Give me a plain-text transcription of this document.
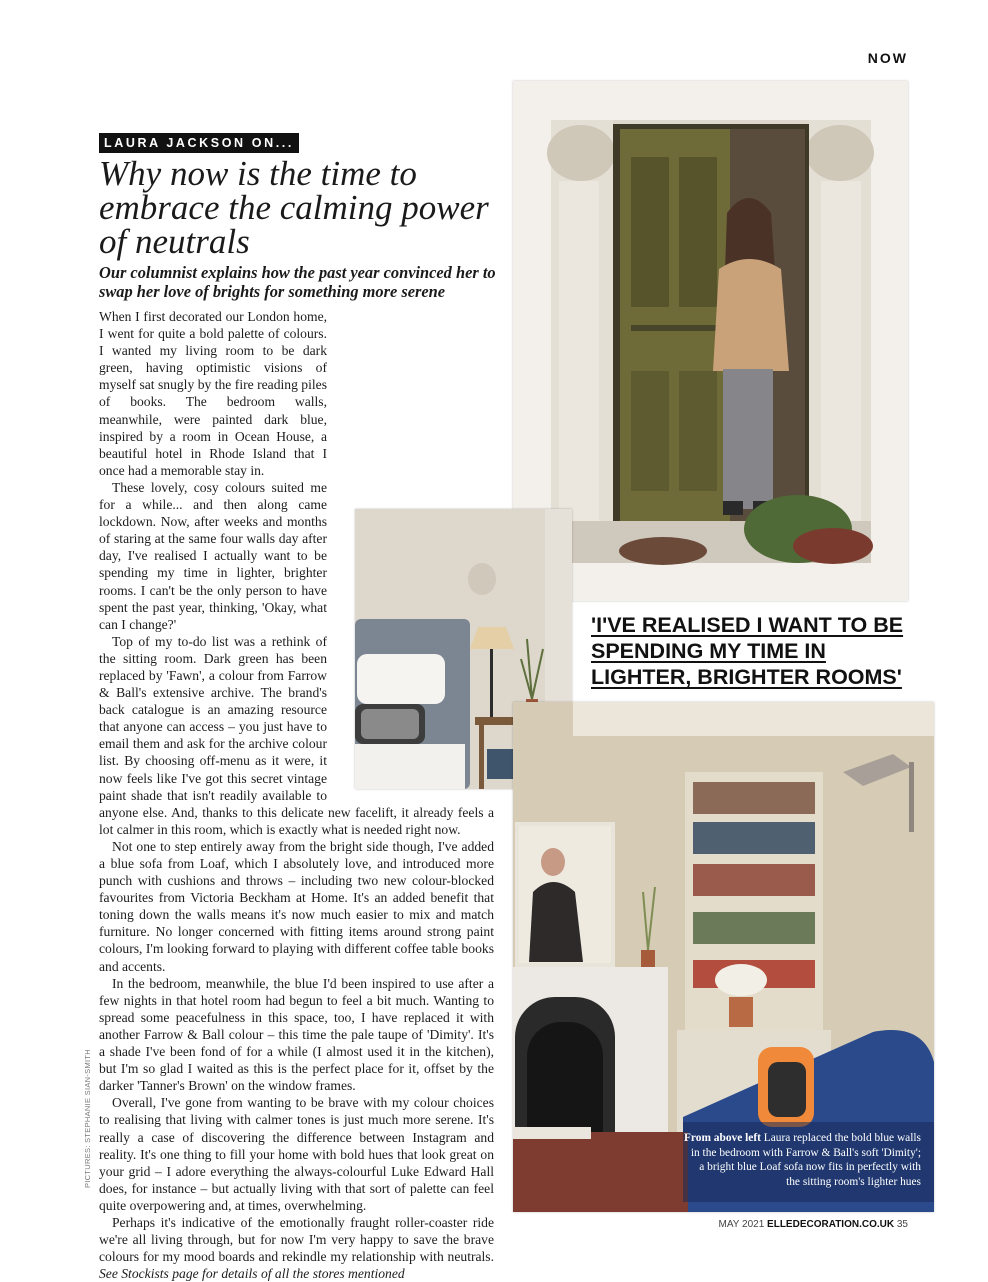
NOW
LAURA JACKSON ON...
Why now is the time to embrace the calming power of neutrals

Our columnist explains how the past year convinced her to swap her love of brights for something more serene

When I first decorated our London home, I went for quite a bold palette of colours. I wanted my living room to be dark green, having optimistic visions of myself sat snugly by the fire reading piles of books. The bedroom walls, meanwhile, were painted dark blue, inspired by a room in Ocean House, a beautiful hotel in Rhode Island that I once had a memorable stay in.

These lovely, cosy colours suited me for a while... and then along came lockdown. Now, after weeks and months of staring at the same four walls day after day, I've realised I actually want to be spending my time in lighter, brighter rooms. I can't be the only person to have spent the past year, thinking, 'Okay, what can I change?'

Top of my to-do list was a rethink of the sitting room. Dark green has been replaced by 'Fawn', a colour from Farrow & Ball's extensive archive. The brand's back catalogue is an amazing resource that anyone can access – you just have to email them and ask for the archive colour list. By choosing off-menu as it were, it now feels like I've got this secret vintage paint shade that isn't readily available to anyone else. And, thanks to this delicate new facelift, it already feels a lot calmer in this room, which is exactly what is needed right now.

Not one to step entirely away from the bright side though, I've added a blue sofa from Loaf, which I absolutely love, and introduced more punch with cushions and throws – including two new colour-blocked favourites from Victoria Beckham at Home. It's an added benefit that toning down the walls means it's now much easier to mix and match furniture. No longer concerned with fitting items around strong paint colours, I'm looking forward to playing with different coffee table books and accents.

In the bedroom, meanwhile, the blue I'd been inspired to use after a few nights in that hotel room had begun to feel a bit much. Wanting to spread some peacefulness in this space, too, I have replaced it with another Farrow & Ball colour – this time the pale taupe of 'Dimity'. It's a shade I've been fond of for a while (I almost used it in the kitchen), but I'm so glad I waited as this is the perfect place for it, offset by the darker 'Tanner's Brown' on the window frames.

Overall, I've gone from wanting to be brave with my colour choices to realising that living with calmer tones is just much more serene. It's really a case of discovering the difference between Instagram and reality. It's one thing to fill your home with bold hues that look great on your grid – I adore everything the always-colourful Luke Edward Hall does, for instance – but actually living with that sort of palette can feel quite overpowering and, at times, overwhelming.

Perhaps it's indicative of the emotionally fraught roller-coaster ride we're all living through, but for now I'm very happy to save the brave colours for my mood boards and rekindle my relationship with neutrals. See Stockists page for details of all the stores mentioned

'I'VE REALISED I WANT TO BE SPENDING MY TIME IN LIGHTER, BRIGHTER ROOMS'

From above left Laura replaced the bold blue walls in the bedroom with Farrow & Ball's soft 'Dimity'; a bright blue Loaf sofa now fits in perfectly with the sitting room's lighter hues
PICTURES: STEPHANIE SIAN-SMITH
MAY 2021 ELLEDECORATION.CO.UK 35
